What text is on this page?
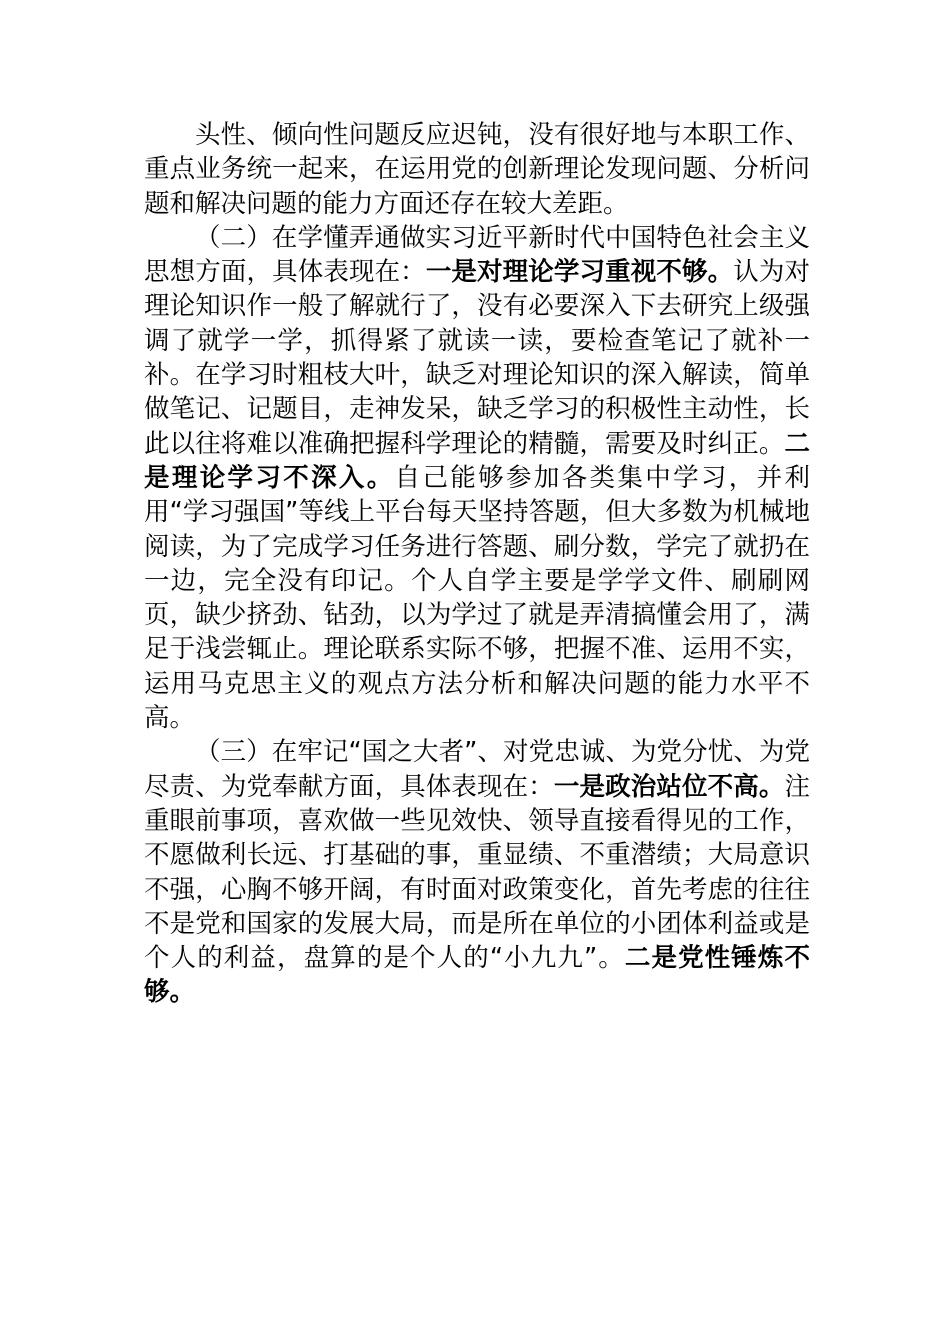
头性、倾向性问题反应迟钝，没有很好地与本职工作、重点业务统一起来，在运用党的创新理论发现问题、分析问题和解决问题的能力方面还存在较大差距。

（二）在学懂弄通做实习近平新时代中国特色社会主义思想方面，具体表现在：一是对理论学习重视不够。认为对理论知识作一般了解就行了，没有必要深入下去研究上级强调了就学一学，抓得紧了就读一读，要检查笔记了就补一补。在学习时粗枝大叶，缺乏对理论知识的深入解读，简单做笔记、记题目，走神发呆，缺乏学习的积极性主动性，长此以往将难以准确把握科学理论的精髓，需要及时纠正。二是理论学习不深入。自己能够参加各类集中学习，并利用“学习强国”等线上平台每天坚持答题，但大多数为机械地阅读，为了完成学习任务进行答题、刷分数，学完了就扔在一边，完全没有印记。个人自学主要是学学文件、刷刷网页，缺少挤劲、钻劲，以为学过了就是弄清搞懂会用了，满足于浅尝辄止。理论联系实际不够，把握不准、运用不实，运用马克思主义的观点方法分析和解决问题的能力水平不高。

（三）在牢记“国之大者”、对党忠诚、为党分忧、为党尽责、为党奉献方面，具体表现在：一是政治站位不高。注重眼前事项，喜欢做一些见效快、领导直接看得见的工作，不愿做利长远、打基础的事，重显绩、不重潜绩；大局意识不强，心胸不够开阔，有时面对政策变化，首先考虑的往往不是党和国家的发展大局，而是所在单位的小团体利益或是个人的利益，盘算的是个人的“小九九”。二是党性锤炼不够。
